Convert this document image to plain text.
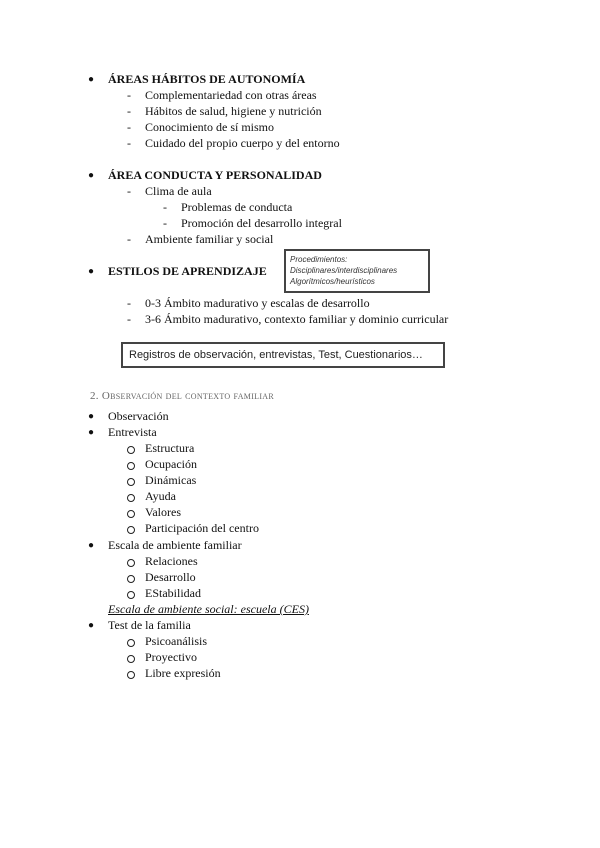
● ÁREAS HÁBITOS DE AUTONOMÍA
- Complementariedad con otras áreas
- Hábitos de salud, higiene y nutrición
- Conocimiento de sí mismo
- Cuidado del propio cuerpo y del entorno
● ÁREA CONDUCTA Y PERSONALIDAD
- Clima de aula
- Problemas de conducta
- Promoción del desarrollo integral
- Ambiente familiar y social
● ESTILOS DE APRENDIZAJE
Procedimientos:
Disciplinares/interdisciplinares
Algorítmicos/heurísticos
- 0-3 Ámbito madurativo y escalas de desarrollo
- 3-6 Ámbito madurativo, contexto familiar y dominio curricular
Registros de observación, entrevistas, Test, Cuestionarios…
2. Observación del contexto familiar
● Observación
● Entrevista
Estructura
Ocupación
Dinámicas
Ayuda
Valores
Participación del centro
● Escala de ambiente familiar
Relaciones
Desarrollo
EStabilidad
Escala de ambiente social: escuela (CES)
● Test de la familia
Psicoanálisis
Proyectivo
Libre expresión
